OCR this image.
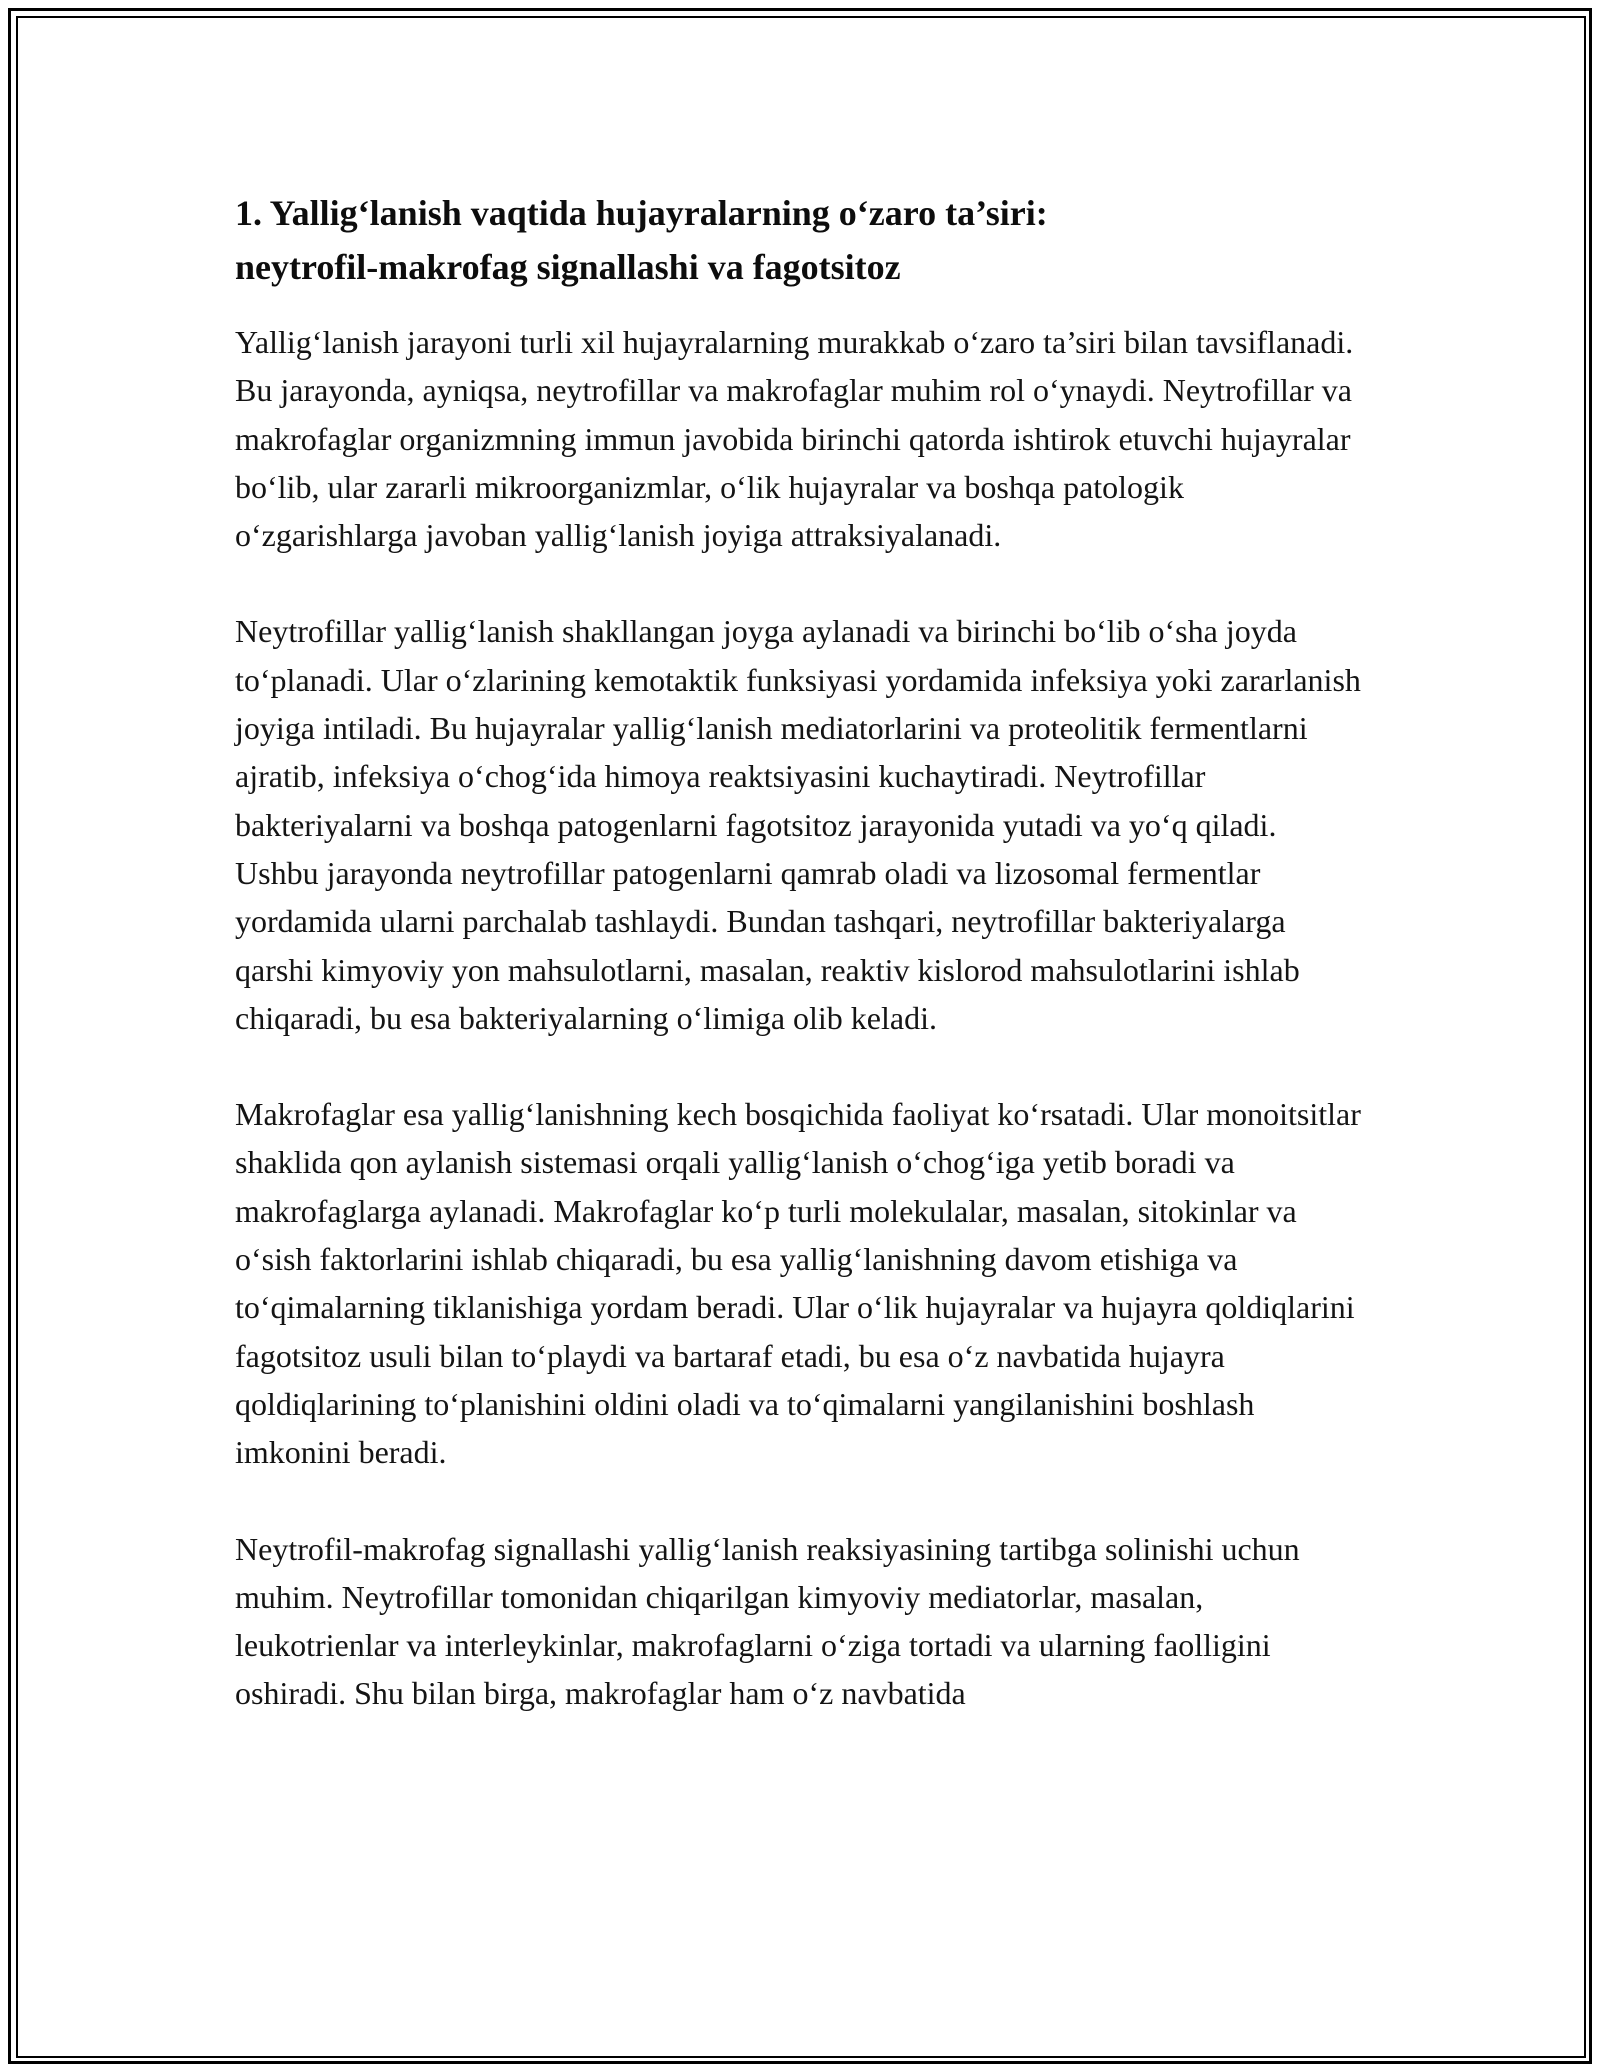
1. Yallig‘lanish vaqtida hujayralarning o‘zaro ta’siri:
neytrofil-makrofag signallashi va fagotsitoz

Yallig‘lanish jarayoni turli xil hujayralarning murakkab o‘zaro ta’siri bilan tavsiflanadi. Bu jarayonda, ayniqsa, neytrofillar va makrofaglar muhim rol o‘ynaydi. Neytrofillar va makrofaglar organizmning immun javobida birinchi qatorda ishtirok etuvchi hujayralar bo‘lib, ular zararli mikroorganizmlar, o‘lik hujayralar va boshqa patologik o‘zgarishlarga javoban yallig‘lanish joyiga attraksiyalanadi.

Neytrofillar yallig‘lanish shakllangan joyga aylanadi va birinchi bo‘lib o‘sha joyda to‘planadi. Ular o‘zlarining kemotaktik funksiyasi yordamida infeksiya yoki zararlanish joyiga intiladi. Bu hujayralar yallig‘lanish mediatorlarini va proteolitik fermentlarni ajratib, infeksiya o‘chog‘ida himoya reaktsiyasini kuchaytiradi. Neytrofillar bakteriyalarni va boshqa patogenlarni fagotsitoz jarayonida yutadi va yo‘q qiladi. Ushbu jarayonda neytrofillar patogenlarni qamrab oladi va lizosomal fermentlar yordamida ularni parchalab tashlaydi. Bundan tashqari, neytrofillar bakteriyalarga qarshi kimyoviy yon mahsulotlarni, masalan, reaktiv kislorod mahsulotlarini ishlab chiqaradi, bu esa bakteriyalarning o‘limiga olib keladi.

Makrofaglar esa yallig‘lanishning kech bosqichida faoliyat ko‘rsatadi. Ular monoitsitlar shaklida qon aylanish sistemasi orqali yallig‘lanish o‘chog‘iga yetib boradi va makrofaglarga aylanadi. Makrofaglar ko‘p turli molekulalar, masalan, sitokinlar va o‘sish faktorlarini ishlab chiqaradi, bu esa yallig‘lanishning davom etishiga va to‘qimalarning tiklanishiga yordam beradi. Ular o‘lik hujayralar va hujayra qoldiqlarini fagotsitoz usuli bilan to‘playdi va bartaraf etadi, bu esa o‘z navbatida hujayra qoldiqlarining to‘planishini oldini oladi va to‘qimalarni yangilanishini boshlash imkonini beradi.

Neytrofil-makrofag signallashi yallig‘lanish reaksiyasining tartibga solinishi uchun muhim. Neytrofillar tomonidan chiqarilgan kimyoviy mediatorlar, masalan, leukotrienlar va interleykinlar, makrofaglarni o‘ziga tortadi va ularning faolligini oshiradi. Shu bilan birga, makrofaglar ham o‘z navbatida
